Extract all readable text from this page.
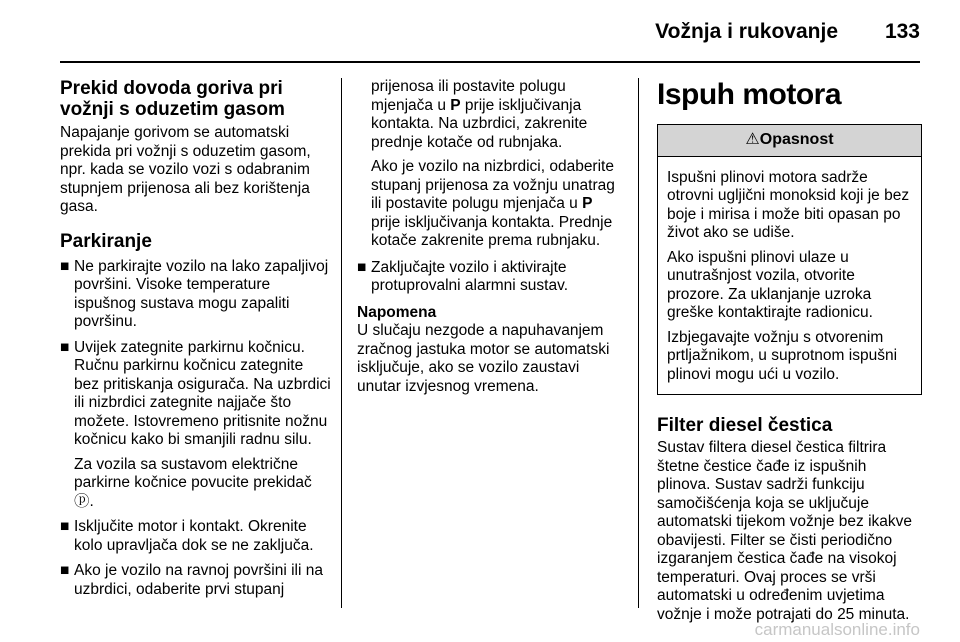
Vožnja i rukovanje 133
Prekid dovoda goriva pri vožnji s oduzetim gasom

Napajanje gorivom se automatski prekida pri vožnji s oduzetim gasom, npr. kada se vozilo vozi s odabranim stupnjem prijenosa ali bez korištenja gasa.

Parkiranje
■ Ne parkirajte vozilo na lako zapaljivoj površini. Visoke temperature ispušnog sustava mogu zapaliti površinu.

■ Uvijek zategnite parkirnu kočnicu. Ručnu parkirnu kočnicu zategnite bez pritiskanja osigurača. Na uzbrdici ili nizbrdici zategnite najjače što možete. Istovremeno pritisnite nožnu kočnicu kako bi smanjili radnu silu.

Za vozila sa sustavom električne parkirne kočnice povucite prekidač ⓟ.

■ Isključite motor i kontakt. Okrenite kolo upravljača dok se ne zaključa.

■ Ako je vozilo na ravnoj površini ili na uzbrdici, odaberite prvi stupanj

prijenosa ili postavite polugu mjenjača u P prije isključivanja kontakta. Na uzbrdici, zakrenite prednje kotače od rubnjaka.

Ako je vozilo na nizbrdici, odaberite stupanj prijenosa za vožnju unatrag ili postavite polugu mjenjača u P prije isključivanja kontakta. Prednje kotače zakrenite prema rubnjaku.

■ Zaključajte vozilo i aktivirajte protuprovalni alarmni sustav.

Napomena

U slučaju nezgode a napuhavanjem zračnog jastuka motor se automatski isključuje, ako se vozilo zaustavi unutar izvjesnog vremena.

Ispuh motora
⚠Opasnost

Ispušni plinovi motora sadrže otrovni ugljični monoksid koji je bez boje i mirisa i može biti opasan po život ako se udiše.

Ako ispušni plinovi ulaze u unutrašnjost vozila, otvorite prozore. Za uklanjanje uzroka greške kontaktirajte radionicu.

Izbjegavajte vožnju s otvorenim prtljažnikom, u suprotnom ispušni plinovi mogu ući u vozilo.

Filter diesel čestica

Sustav filtera diesel čestica filtrira štetne čestice čađe iz ispušnih plinova. Sustav sadrži funkciju samočišćenja koja se uključuje automatski tijekom vožnje bez ikakve obavijesti. Filter se čisti periodično izgaranjem čestica čađe na visokoj temperaturi. Ovaj proces se vrši automatski u određenim uvjetima vožnje i može potrajati do 25 minuta.

carmanualsonline.info
